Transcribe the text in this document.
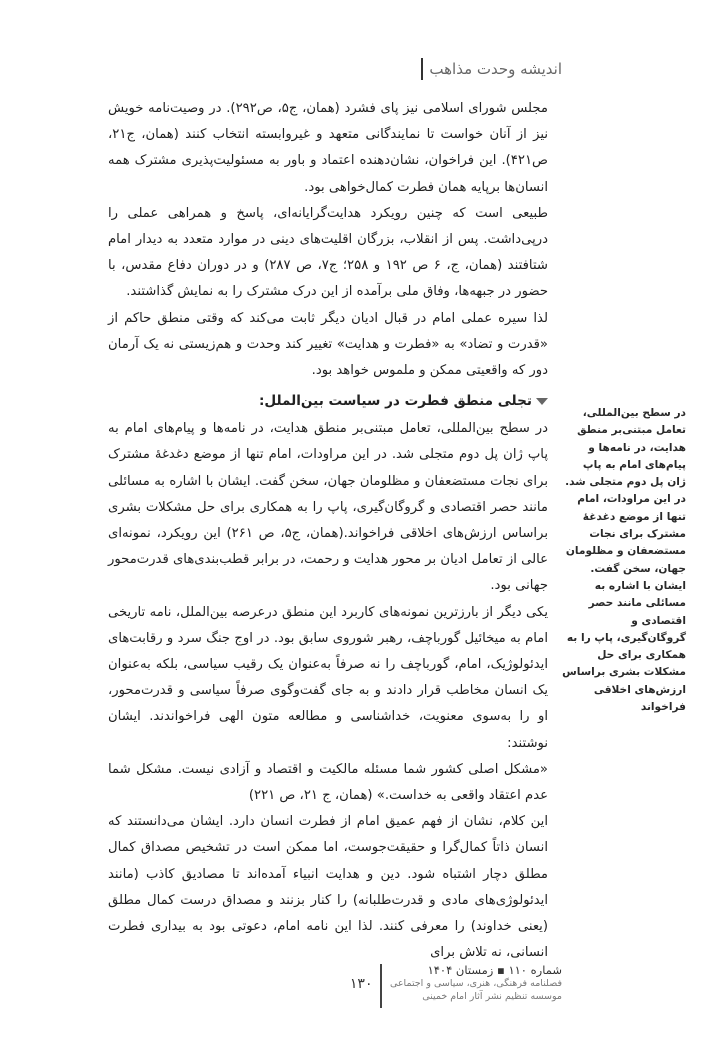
اندیشه وحدت مذاهب

مجلس شورای اسلامی نیز پای فشرد (همان، ج۵، ص۲۹۲). در وصیت‌نامه خویش نیز از آنان خواست تا نمایندگانی متعهد و غیروابسته انتخاب کنند (همان، ج۲۱، ص۴۲۱). این فراخوان، نشان‌دهنده اعتماد و باور به مسئولیت‌پذیری مشترک همه انسان‌ها برپایه همان فطرت کمال‌خواهی بود.

طبیعی است که چنین رویکرد هدایت‌گرایانه‌ای، پاسخ و همراهی عملی را درپی‌داشت. پس از انقلاب، بزرگان اقلیت‌های دینی در موارد متعدد به دیدار امام شتافتند (همان، ج، ۶ ص ۱۹۲ و ۲۵۸؛ ج۷، ص ۲۸۷) و در دوران دفاع مقدس، با حضور در جبهه‌ها، وفاق ملی برآمده از این درک مشترک را به نمایش گذاشتند.

لذا سیره عملی امام در قبال ادیان دیگر ثابت می‌کند که وقتی منطق حاکم از «قدرت و تضاد» به «فطرت و هدایت» تغییر کند وحدت و هم‌زیستی نه یک آرمان دور که واقعیتی ممکن و ملموس خواهد بود.

تجلی منطق فطرت در سیاست بین‌الملل:

در سطح بین‌المللی، تعامل مبتنی‌بر منطق هدایت، در نامه‌ها و پیام‌های امام به پاپ ژان پل دوم متجلی شد. در این مراودات، امام تنها از موضع دغدغهٔ مشترک برای نجات مستضعفان و مظلومان جهان، سخن گفت. ایشان با اشاره به مسائلی مانند حصر اقتصادی و گروگان‌گیری، پاپ را به همکاری برای حل مشکلات بشری براساس ارزش‌های اخلاقی فراخواند.(همان، ج۵، ص ۲۶۱) این رویکرد، نمونه‌ای عالی از تعامل ادیان بر محور هدایت و رحمت، در برابر قطب‌بندی‌های قدرت‌محور جهانی بود.

یکی دیگر از بارزترین نمونه‌های کاربرد این منطق در‌عرصه بین‌الملل، نامه تاریخی امام به میخائیل گورباچف، رهبر شوروی سابق بود. در اوج جنگ سرد و رقابت‌های ایدئولوژیک، امام، گورباچف را نه صرفاً به‌عنوان یک رقیب سیاسی، بلکه به‌عنوان یک انسان مخاطب قرار دادند و به جای گفت‌وگوی صرفاً سیاسی و قدرت‌محور، او را به‌سوی معنویت، خداشناسی و مطالعه متون الهی فراخواندند. ایشان نوشتند:

«مشکل اصلی کشور شما مسئله مالکیت و اقتصاد و آزادی نیست. مشکل شما عدم اعتقاد واقعی به خداست.» (همان، ج ۲۱، ص ۲۲۱)

این کلام، نشان از فهم عمیق امام از فطرت انسان دارد. ایشان می‌دانستند که انسان ذاتاً کمال‌گرا و حقیقت‌جوست، اما ممکن است در تشخیص مصداق کمال مطلق دچار اشتباه شود. دین و هدایت انبیاء آمده‌اند تا مصادیق کاذب (مانند ایدئولوژی‌های مادی و قدرت‌طلبانه) را کنار بزنند و مصداق درست کمال مطلق (یعنی خداوند) را معرفی کنند. لذا این نامه امام، دعوتی بود به بیداری فطرت انسانی، نه تلاش برای

در سطح بین‌المللی، تعامل مبتنی‌بر منطق هدایت، در نامه‌ها و پیام‌های امام به پاپ ژان پل دوم متجلی شد. در این مراودات، امام تنها از موضع دغدغهٔ مشترک برای نجات مستضعفان و مظلومان جهان، سخن گفت. ایشان با اشاره به مسائلی مانند حصر اقتصادی و گروگان‌گیری، پاپ را به همکاری برای حل مشکلات بشری براساس ارزش‌های اخلاقی فراخواند
۱۳۰
شماره ۱۱۰ ▪ زمستان ۱۴۰۴
فصلنامه فرهنگی، هنری، سیاسی و اجتماعی
موسسه تنظیم نشر آثار امام خمینی
